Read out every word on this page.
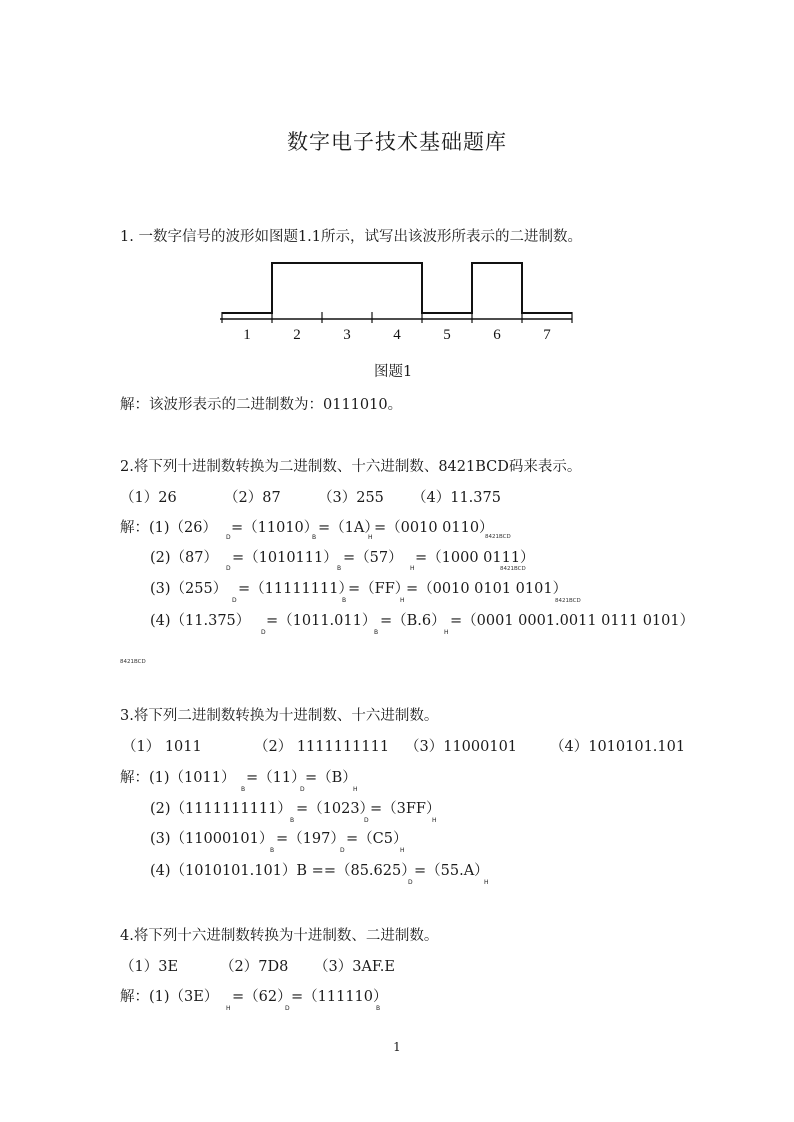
数字电子技术基础题库
1. 一数字信号的波形如图题1.1所示，试写出该波形所表示的二进制数。
1	2	3	4	5	6	7
图题1
解：该波形表示的二进制数为：0111010。
2.将下列十进制数转换为二进制数、十六进制数、8421BCD码来表示。
（1）26	（2）87	（3）255 （4）11.375
解：(1)（26）
D
=（11010）
B
=（1A）
H
=（0010 0110）
8421BCD
(2)（87）
D
=（1010111）
B
=（57）
H
=（1000 0111）
8421BCD
(3)（255）
D
=（11111111）
B
=（FF）
H
=（0010 0101 0101）
8421BCD
(4)（11.375）
D
=（1011.011）
B
=（B.6）
H
=（0001 0001.0011 0111 0101）
8421BCD
3.将下列二进制数转换为十进制数、十六进制数。
（1） 1011	（2） 1111111111 （3）11000101 （4）1010101.101
解：(1)（1011）
B
=（11）
D
=（B）
H
(2)（1111111111）
B
=（1023）
D
=（3FF）
H
(3)（11000101）
B
=（197）
D
=（C5）
H
(4)（1010101.101）B ==（85.625）
D
=（55.A）
H
4.将下列十六进制数转换为十进制数、二进制数。
（1）3E	（2）7D8 （3）3AF.E
解：(1)（3E）
H
=（62）
D
=（111110）
B
1
